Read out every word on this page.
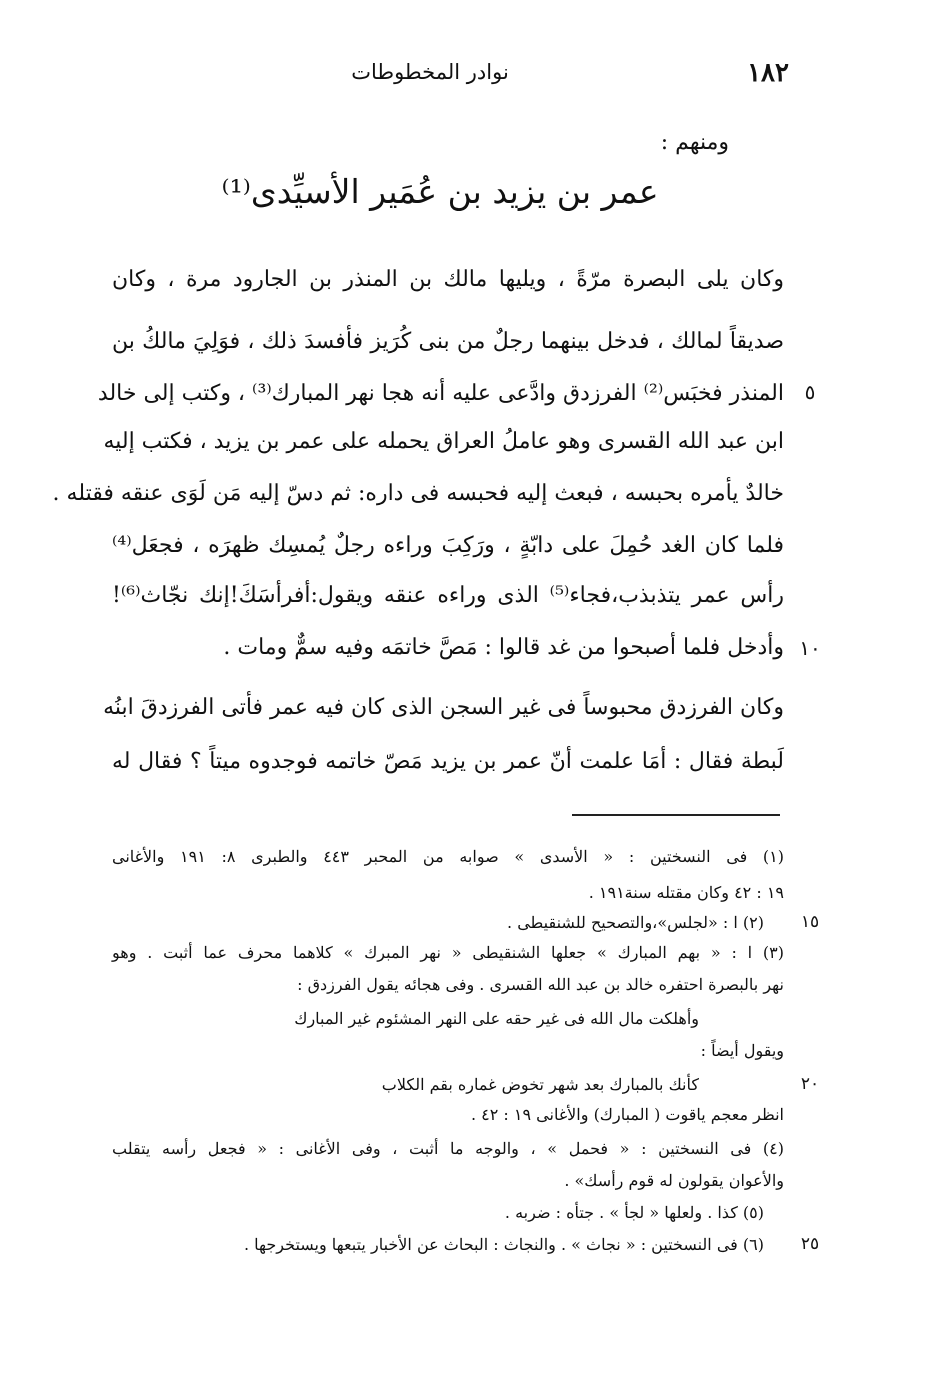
١٨٢
نوادر المخطوطات
ومنهم :
عمر بن يزيد بن عُمَير الأسيِّدى⁽¹⁾
وكان يلى البصرة مرّةً ، ويليها مالك بن المنذر بن الجارود مرة ، وكان
صديقاً لمالك ، فدخل بينهما رجلٌ من بنى كُرَيز فأفسدَ ذلك ، فوَلِيَ مالكُ بن
المنذر فخبَس⁽²⁾ الفرزدق وادَّعى عليه أنه هجا نهر المبارك⁽³⁾ ، وكتب إلى خالد
ابن عبد الله القسرى وهو عاملُ العراق يحمله على عمر بن يزيد ، فكتب إليه
خالدٌ يأمره بحبسه ، فبعث إليه فحبسه فى داره: ثم دسّ إليه مَن لَوَى عنقه فقتله .
فلما كان الغد حُمِلَ على دابّةٍ ، ورَكِبَ وراءه رجلٌ يُمسِك ظهرَه ، فجعَل⁽⁴⁾
رأس عمر يتذبذب،فجاء⁽⁵⁾ الذى وراءه عنقه ويقول:أفرأسَكَ!إنك نجّاث⁽⁶⁾!
وأدخل فلما أصبحوا من غد قالوا : مَصَّ خاتمَه وفيه سمٌّ ومات .
وكان الفرزدق محبوساً فى غير السجن الذى كان فيه عمر فأتى الفرزدقَ ابنُه
لَبطة فقال : أمَا علمت أنّ عمر بن يزيد مَصّ خاتمه فوجدوه ميتاً ؟ فقال له
٥
١٠
(١) فى النسختين : « الأسدى » صوابه من المحبر ٤٤٣ والطبرى ٨: ١٩١ والأغانى
١٩ : ٤٢ وكان مقتله سنة١٩١ .
(٢) ا : «لجلس»،والتصحيح للشنقيطى .
(٣) ا : « بهم المبارك » جعلها الشنقيطى « نهر المبرك » كلاهما محرف عما أثبت . وهو
نهر بالبصرة احتفره خالد بن عبد الله القسرى . وفى هجائه يقول الفرزدق :
وأهلكت مال الله فى غير حقه على النهر المشئوم غير المبارك
ويقول أيضاً :
كأنك بالمبارك بعد شهر تخوض غماره بقم الكلاب
انظر معجم ياقوت ( المبارك) والأغانى ١٩ : ٤٢ .
(٤) فى النسختين : « فحمل » ، والوجه ما أثبت ، وفى الأغانى : « فجعل رأسه يتقلب
والأعوان يقولون له قوم رأسك» .
(٥) كذا . ولعلها « لجأ » . جتأه : ضربه .
(٦) فى النسختين : « نجاث » . والنجاث : البحاث عن الأخبار يتبعها ويستخرجها .
١٥
٢٠
٢٥
